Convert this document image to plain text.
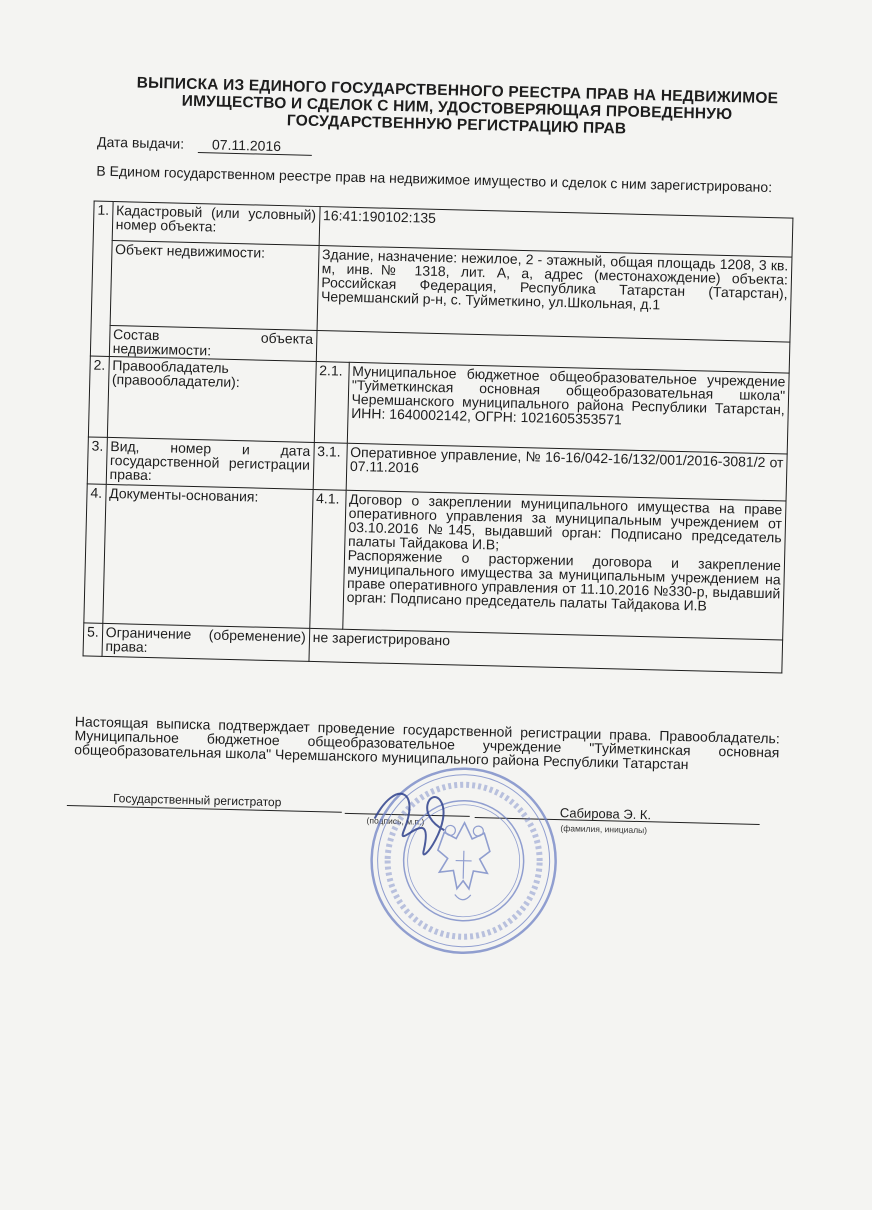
ВЫПИСКА ИЗ ЕДИНОГО ГОСУДАРСТВЕННОГО РЕЕСТРА ПРАВ НА НЕДВИЖИМОЕ ИМУЩЕСТВО И СДЕЛОК С НИМ, УДОСТОВЕРЯЮЩАЯ ПРОВЕДЕННУЮ ГОСУДАРСТВЕННУЮ РЕГИСТРАЦИЮ ПРАВ
Дата выдачи: 07.11.2016
В Едином государственном реестре прав на недвижимое имущество и сделок с ним зарегистрировано:
1.	Кадастровый (или условный) номер объекта:	16:41:190102:135	
	Объект недвижимости:	Здание, назначение: нежилое, 2 - этажный, общая площадь 1208, 3 кв. м, инв.№ 1318, лит. А, а, адрес (местонахождение) объекта: Российская Федерация, Республика Татарстан (Татарстан), Черемшанский р-н, с. Туйметкино, ул.Школьная, д.1	
	Состав объекта недвижимости:		
2.	Правообладатель (правообладатели):	2.1.	Муниципальное бюджетное общеобразовательное учреждение "Туйметкинская основная общеобразовательная школа" Черемшанского муниципального района Республики Татарстан, ИНН: 1640002142, ОГРН: 1021605353571
3.	Вид, номер и дата государственной регистрации права:	3.1.	Оперативное управление, № 16-16/042-16/132/001/2016-3081/2 от 07.11.2016
4.	Документы-основания:	4.1.	Договор о закреплении муниципального имущества на праве оперативного управления за муниципальным учреждением от 03.10.2016 №145, выдавший орган: Подписано председатель палаты Тайдакова И.В;
Распоряжение о расторжении договора и закрепление муниципального имущества за муниципальным учреждением на праве оперативного управления от 11.10.2016 №330-р, выдавший орган: Подписано председатель палаты Тайдакова И.В

5.	Ограничение (обременение) права:	не зарегистрировано	
Настоящая выписка подтверждает проведение государственной регистрации права. Правообладатель: Муниципальное бюджетное общеобразовательное учреждение "Туйметкинская основная общеобразовательная школа" Черемшанского муниципального района Республики Татарстан
Государственный регистратор
(подпись, м.п.)	Сабирова Э. К.
(фамилия, инициалы)
